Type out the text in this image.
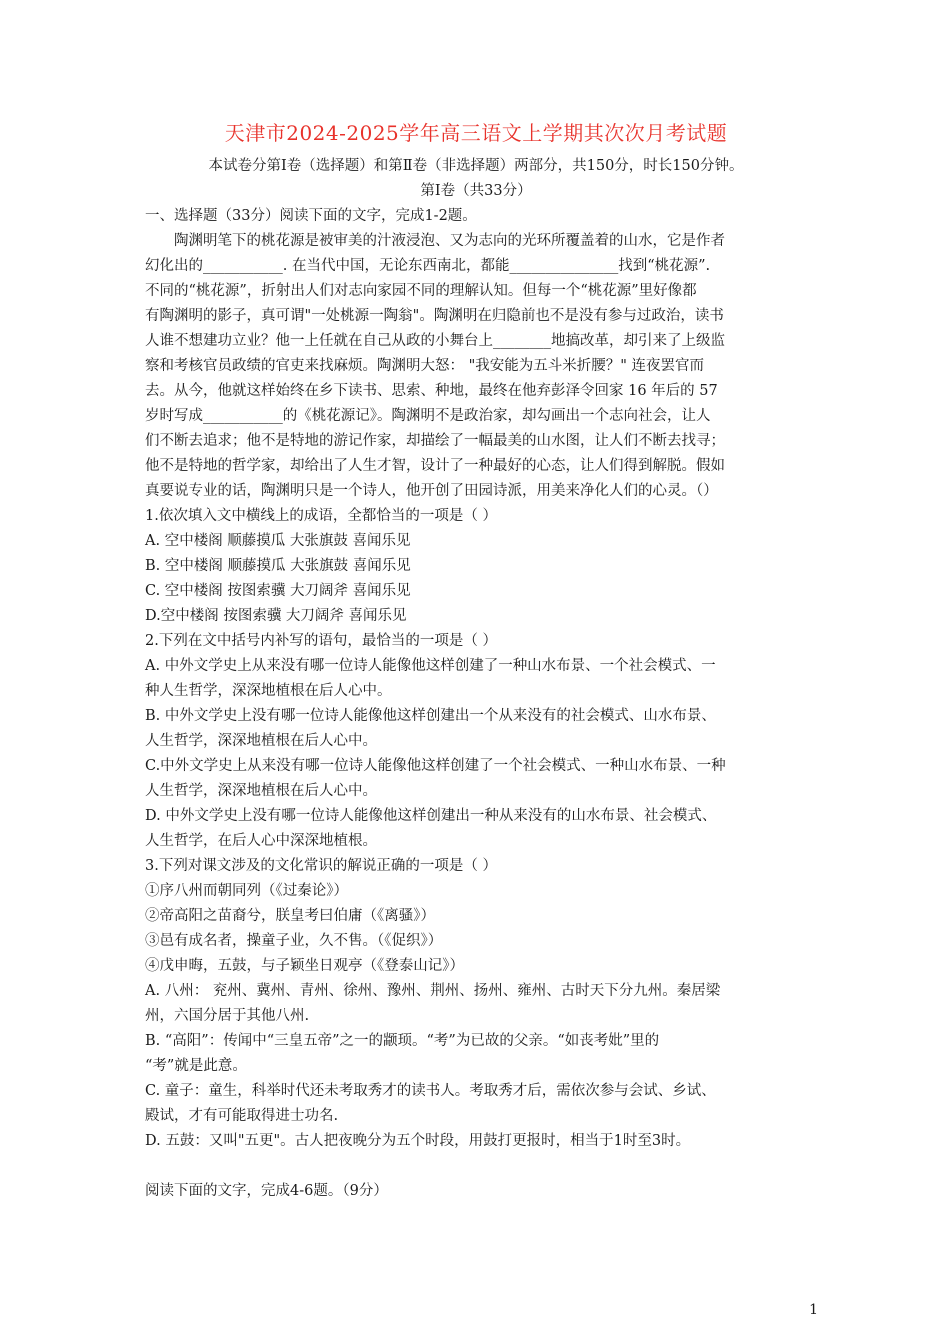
天津市2024-2025学年高三语文上学期其次次月考试题
本试卷分第Ⅰ卷（选择题）和第Ⅱ卷（非选择题）两部分，共150分，时长150分钟。
第Ⅰ卷（共33分）
一、选择题（33分）阅读下面的文字，完成1-2题。
陶渊明笔下的桃花源是被审美的汁液浸泡、又为志向的光环所覆盖着的山水，它是作者
幻化出的___________. 在当代中国，无论东西南北，都能_______________找到“桃花源”.
不同的“桃花源”，折射出人们对志向家园不同的理解认知。但每一个“桃花源”里好像都
有陶渊明的影子，真可谓"一处桃源一陶翁"。陶渊明在归隐前也不是没有参与过政治，读书
人谁不想建功立业？他一上任就在自己从政的小舞台上________地搞改革，却引来了上级监
察和考核官员政绩的官吏来找麻烦。陶渊明大怒： "我安能为五斗米折腰？" 连夜罢官而
去。从今，他就这样始终在乡下读书、思索、种地，最终在他弃彭泽令回家 16 年后的 57
岁时写成___________的《桃花源记》。陶渊明不是政治家，却勾画出一个志向社会，让人
们不断去追求；他不是特地的游记作家，却描绘了一幅最美的山水图，让人们不断去找寻；
他不是特地的哲学家，却给出了人生才智，设计了一种最好的心态，让人们得到解脱。假如
真要说专业的话，陶渊明只是一个诗人，他开创了田园诗派，用美来净化人们的心灵。（）
1.依次填入文中横线上的成语，全都恰当的一项是（ ）
A. 空中楼阁 顺藤摸瓜 大张旗鼓 喜闻乐见
B. 空中楼阁 顺藤摸瓜 大张旗鼓 喜闻乐见
C. 空中楼阁 按图索骥 大刀阔斧 喜闻乐见
D.空中楼阁 按图索骥 大刀阔斧 喜闻乐见
2.下列在文中括号内补写的语句，最恰当的一项是（ ）
A. 中外文学史上从来没有哪一位诗人能像他这样创建了一种山水布景、一个社会模式、一
种人生哲学，深深地植根在后人心中。
B. 中外文学史上没有哪一位诗人能像他这样创建出一个从来没有的社会模式、山水布景、
人生哲学，深深地植根在后人心中。
C.中外文学史上从来没有哪一位诗人能像他这样创建了一个社会模式、一种山水布景、一种
人生哲学，深深地植根在后人心中。
D. 中外文学史上没有哪一位诗人能像他这样创建出一种从来没有的山水布景、社会模式、
人生哲学，在后人心中深深地植根。
3.下列对课文涉及的文化常识的解说正确的一项是（ ）
①序八州而朝同列（《过秦论》）
②帝高阳之苗裔兮，朕皇考曰伯庸（《离骚》）
③邑有成名者，操童子业，久不售。（《促织》）
④戊申晦，五鼓，与子颖坐日观亭（《登泰山记》）
A. 八州： 兖州、冀州、青州、徐州、豫州、荆州、扬州、雍州、古时天下分九州。秦居梁
州，六国分居于其他八州.
B. “高阳”：传闻中“三皇五帝”之一的颛顼。“考”为已故的父亲。“如丧考妣”里的
“考”就是此意。
C. 童子：童生，科举时代还未考取秀才的读书人。考取秀才后，需依次参与会试、乡试、
殿试，才有可能取得进士功名.
D. 五鼓：又叫"五更"。古人把夜晚分为五个时段，用鼓打更报时，相当于1时至3时。
阅读下面的文字，完成4-6题。（9分）
1
